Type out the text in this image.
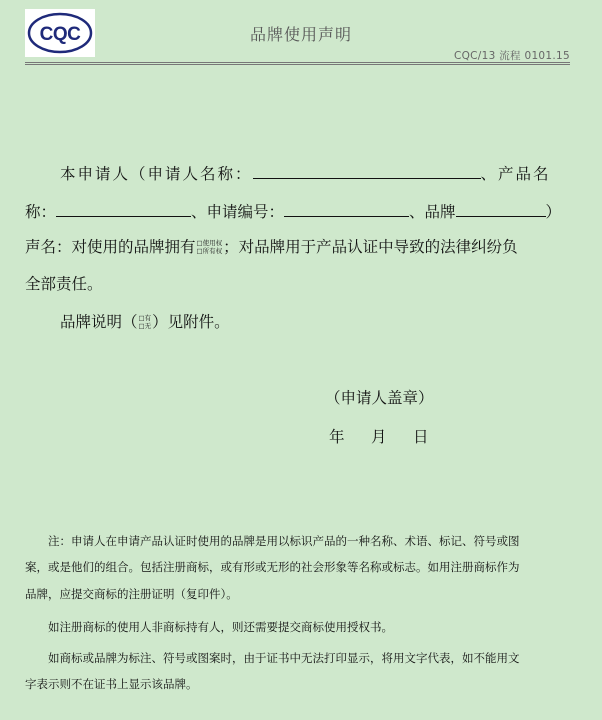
CQC	品牌使用声明
CQC/13 流程 0101.15
本申请人（申请人名称：	、产品名
称：	、申请编号：	、品牌	）
声名：对使用的品牌拥有 □使用权
□所有权 ；对品牌用于产品认证中导致的法律纠纷负
全部责任。
品牌说明（ □有
□无 ）见附件。
（申请人盖章）
年 月 日
注：申请人在申请产品认证时使用的品牌是用以标识产品的一种名称、术语、标记、符号或图
案，或是他们的组合。包括注册商标，或有形或无形的社会形象等名称或标志。如用注册商标作为
品牌，应提交商标的注册证明（复印件）。
如注册商标的使用人非商标持有人，则还需要提交商标使用授权书。
如商标或品牌为标注、符号或图案时，由于证书中无法打印显示，将用文字代表，如不能用文
字表示则不在证书上显示该品牌。
